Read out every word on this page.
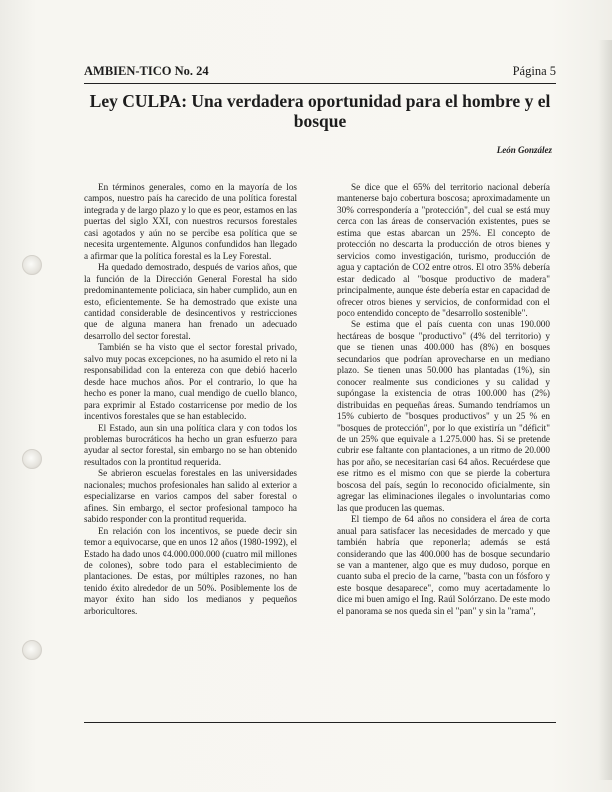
AMBIEN-TICO No. 24	Página 5
Ley CULPA: Una verdadera oportunidad para el hombre y el bosque
León González

En términos generales, como en la mayoría de los campos, nuestro país ha carecido de una política forestal integrada y de largo plazo y lo que es peor, estamos en las puertas del siglo XXI, con nuestros recursos forestales casi agotados y aún no se percibe esa política que se necesita urgentemente. Algunos confundidos han llegado a afirmar que la política forestal es la Ley Forestal.

Ha quedado demostrado, después de varios años, que la función de la Dirección General Forestal ha sido predominantemente policiaca, sin haber cumplido, aun en esto, eficientemente. Se ha demostrado que existe una cantidad considerable de desincentivos y restricciones que de alguna manera han frenado un adecuado desarrollo del sector forestal.

También se ha visto que el sector forestal privado, salvo muy pocas excepciones, no ha asumido el reto ni la responsabilidad con la entereza con que debió hacerlo desde hace muchos años. Por el contrario, lo que ha hecho es poner la mano, cual mendigo de cuello blanco, para exprimir al Estado costarricense por medio de los incentivos forestales que se han establecido.

El Estado, aun sin una política clara y con todos los problemas burocráticos ha hecho un gran esfuerzo para ayudar al sector forestal, sin embargo no se han obtenido resultados con la prontitud requerida.

Se abrieron escuelas forestales en las universidades nacionales; muchos profesionales han salido al exterior a especializarse en varios campos del saber forestal o afines. Sin embargo, el sector profesional tampoco ha sabido responder con la prontitud requerida.

En relación con los incentivos, se puede decir sin temor a equivocarse, que en unos 12 años (1980-1992), el Estado ha dado unos ¢4.000.000.000 (cuatro mil millones de colones), sobre todo para el establecimiento de plantaciones. De estas, por múltiples razones, no han tenido éxito alrededor de un 50%. Posiblemente los de mayor éxito han sido los medianos y pequeños arboricultores.

Se dice que el 65% del territorio nacional debería mantenerse bajo cobertura boscosa; aproximadamente un 30% correspondería a "protección", del cual se está muy cerca con las áreas de conservación existentes, pues se estima que estas abarcan un 25%. El concepto de protección no descarta la producción de otros bienes y servicios como investigación, turismo, producción de agua y captación de CO2 entre otros. El otro 35% debería estar dedicado al "bosque productivo de madera" principalmente, aunque éste debería estar en capacidad de ofrecer otros bienes y servicios, de conformidad con el poco entendido concepto de "desarrollo sostenible".

Se estima que el país cuenta con unas 190.000 hectáreas de bosque "productivo" (4% del territorio) y que se tienen unas 400.000 has (8%) en bosques secundarios que podrían aprovecharse en un mediano plazo. Se tienen unas 50.000 has plantadas (1%), sin conocer realmente sus condiciones y su calidad y supóngase la existencia de otras 100.000 has (2%) distribuidas en pequeñas áreas. Sumando tendríamos un 15% cubierto de "bosques productivos" y un 25 % en "bosques de protección", por lo que existiría un "déficit" de un 25% que equivale a 1.275.000 has. Si se pretende cubrir ese faltante con plantaciones, a un ritmo de 20.000 has por año, se necesitarían casi 64 años. Recuérdese que ese ritmo es el mismo con que se pierde la cobertura boscosa del país, según lo reconocido oficialmente, sin agregar las eliminaciones ilegales o involuntarias como las que producen las quemas.

El tiempo de 64 años no considera el área de corta anual para satisfacer las necesidades de mercado y que también habría que reponerla; además se está considerando que las 400.000 has de bosque secundario se van a mantener, algo que es muy dudoso, porque en cuanto suba el precio de la carne, "basta con un fósforo y este bosque desaparece", como muy acertadamente lo dice mi buen amigo el Ing. Raúl Solórzano. De este modo el panorama se nos queda sin el "pan" y sin la "rama",
